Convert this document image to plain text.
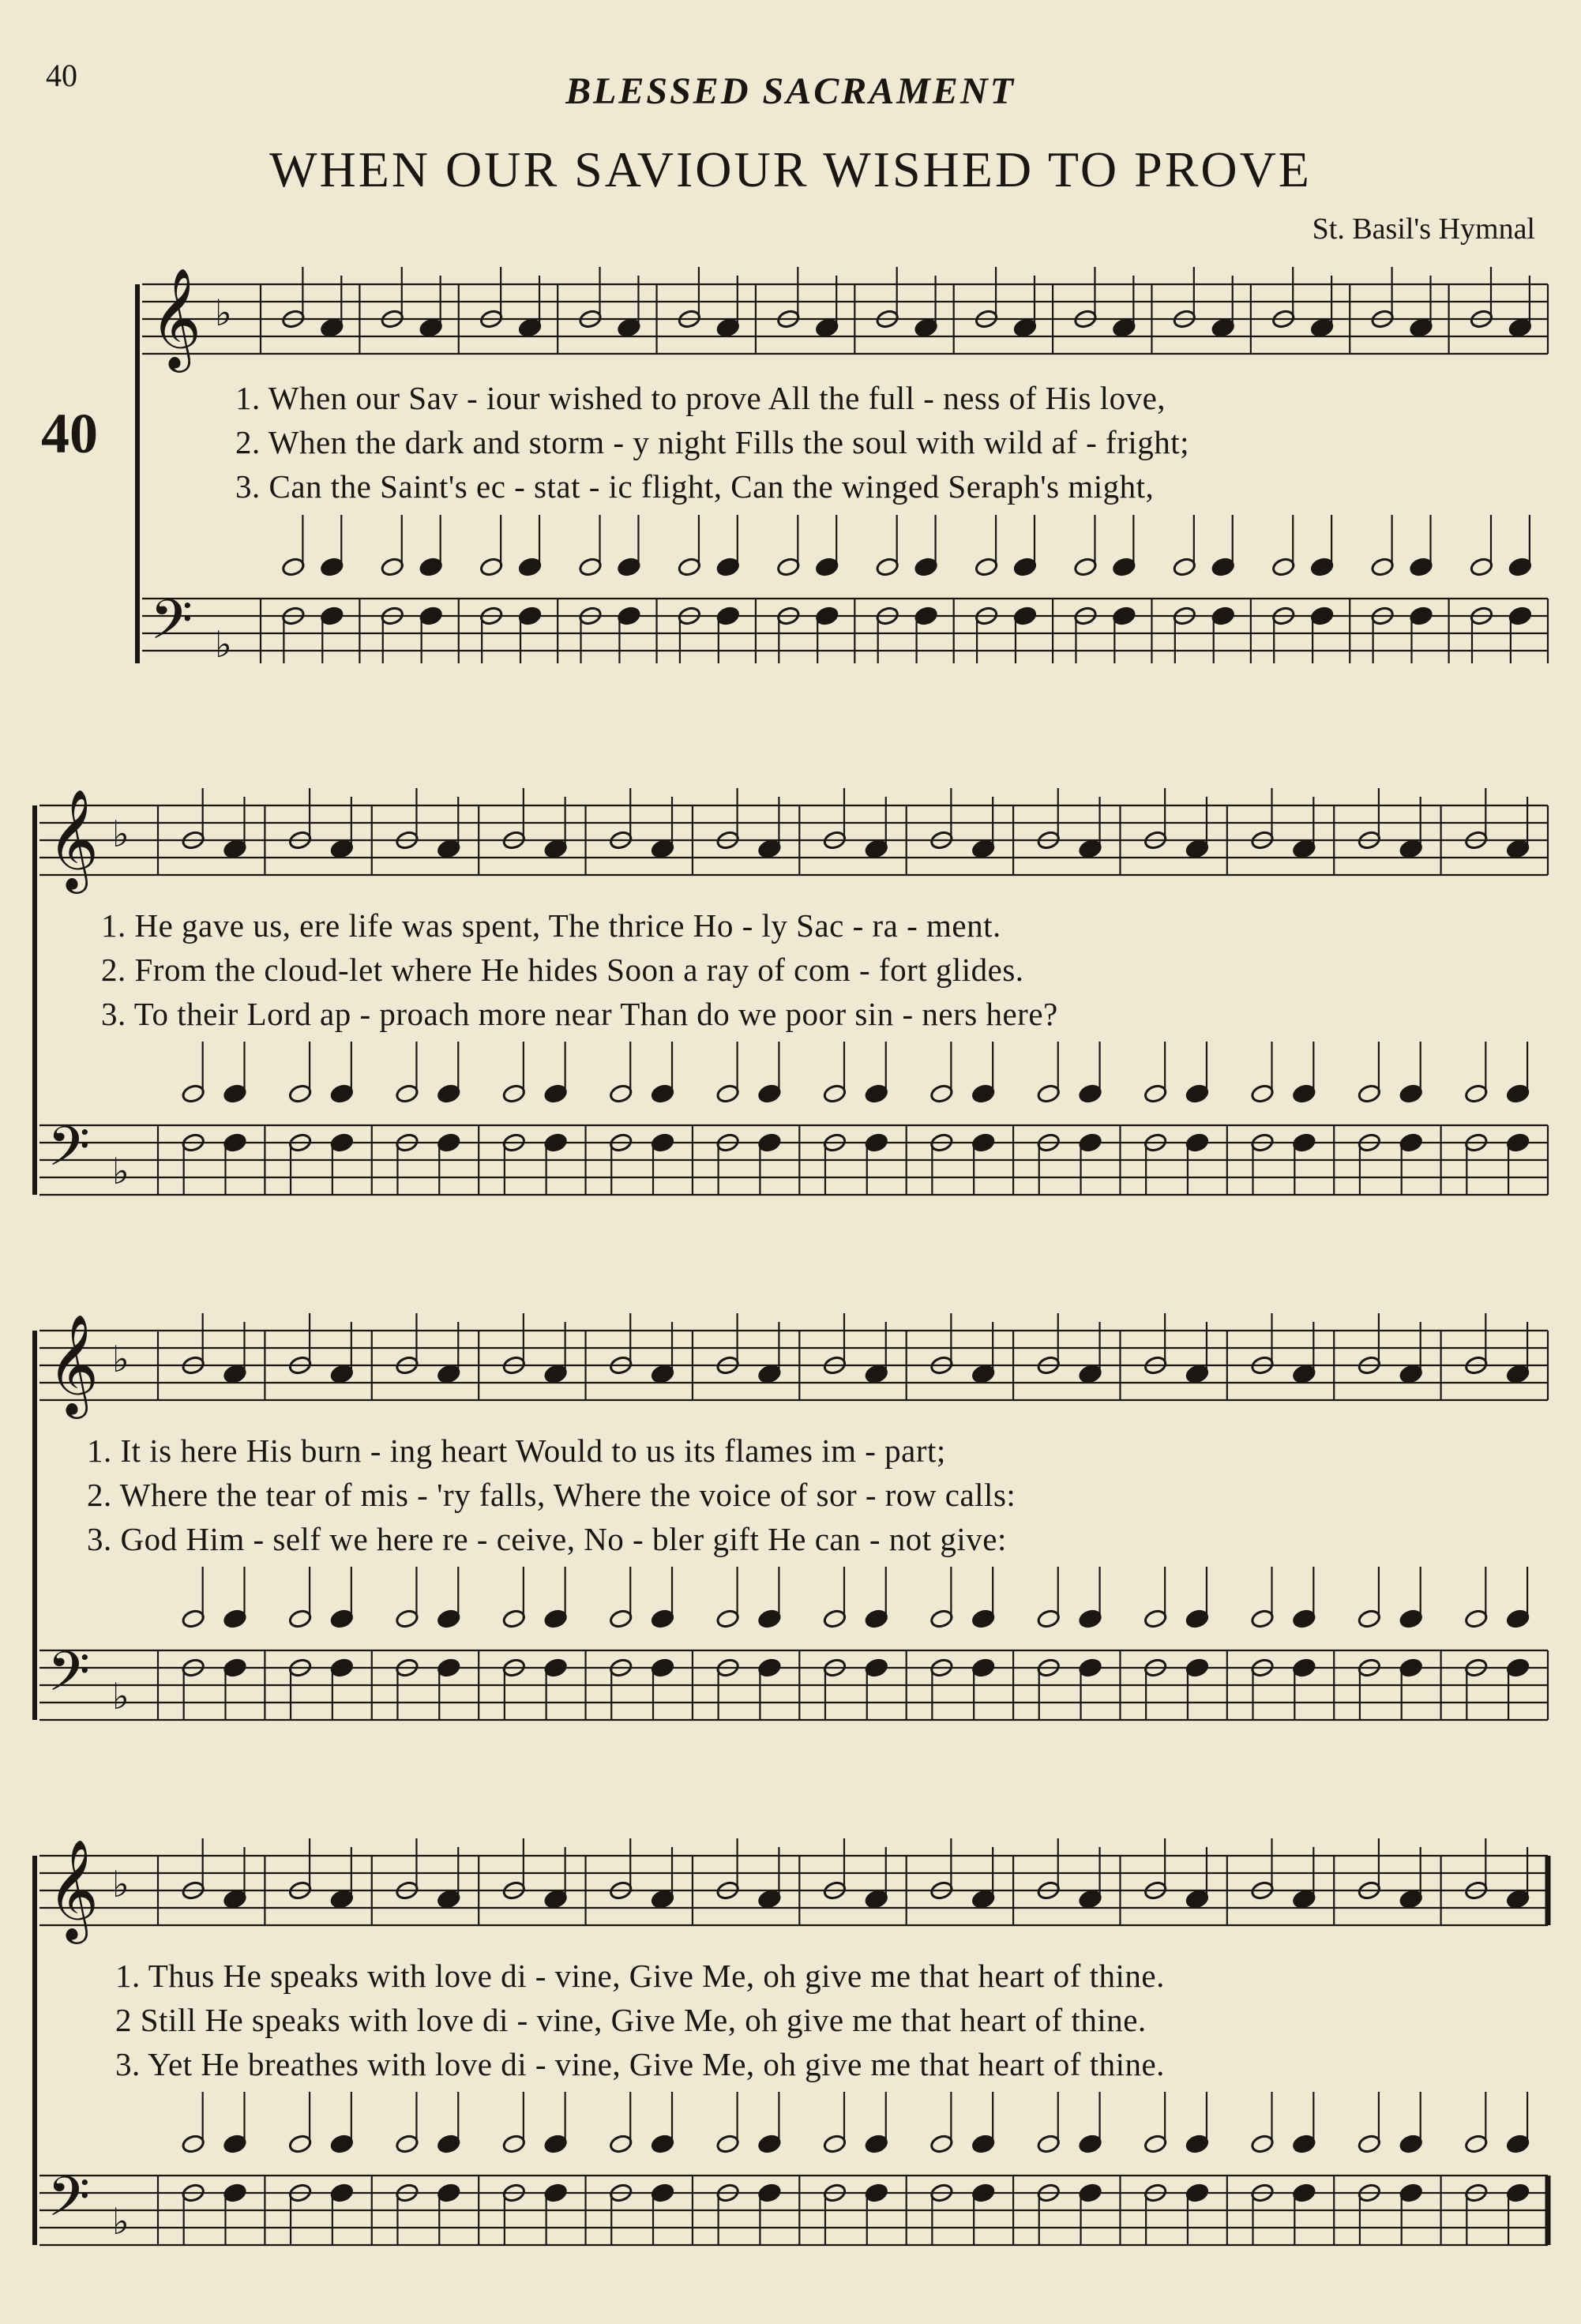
40	BLESSED SACRAMENT
WHEN OUR SAVIOUR WISHED TO PROVE
St. Basil's Hymnal
40
𝄞
𝄢
♭
♭
1. When our Sav - iour wished to prove All the full - ness of His love,
2. When the dark and storm - y night Fills the soul with wild af - fright;
3. Can the Saint's ec - stat - ic flight, Can the winged Seraph's might,
𝄞
𝄢
♭
♭
1. He gave us, ere life was spent, The thrice Ho - ly Sac - ra - ment.
2. From the cloud-let where He hides Soon a ray of com - fort glides.
3. To their Lord ap - proach more near Than do we poor sin - ners here?
𝄞
𝄢
♭
♭
1. It is here His burn - ing heart Would to us its flames im - part;
2. Where the tear of mis - 'ry falls, Where the voice of sor - row calls:
3. God Him - self we here re - ceive, No - bler gift He can - not give:
𝄞
𝄢
♭
♭
1. Thus He speaks with love di - vine, Give Me, oh give me that heart of thine.
2 Still He speaks with love di - vine, Give Me, oh give me that heart of thine.
3. Yet He breathes with love di - vine, Give Me, oh give me that heart of thine.
